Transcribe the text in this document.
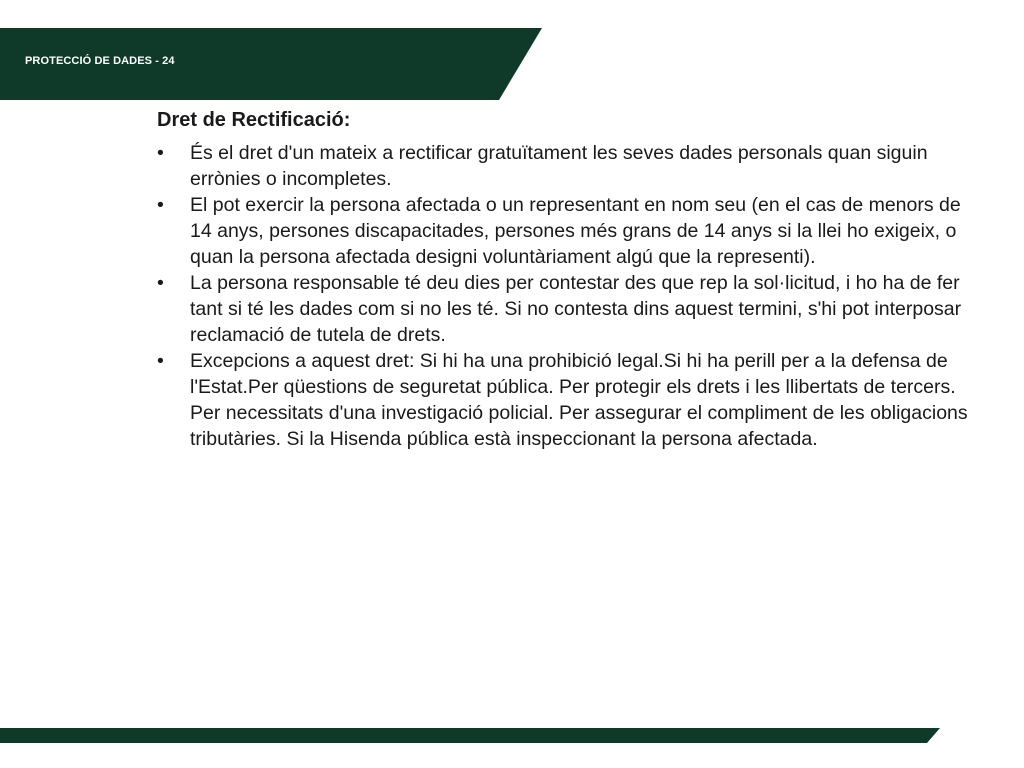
PROTECCIÓ DE DADES - 24
Dret de Rectificació:
• És el dret d'un mateix a rectificar gratuïtament les seves dades personals quan siguin errònies o incompletes.
• El pot exercir la persona afectada o un representant en nom seu (en el cas de menors de 14 anys, persones discapacitades, persones més grans de 14 anys si la llei ho exigeix, o quan la persona afectada designi voluntàriament algú que la representi).
• La persona responsable té deu dies per contestar des que rep la sol·licitud, i ho ha de fer tant si té les dades com si no les té. Si no contesta dins aquest termini, s'hi pot interposar reclamació de tutela de drets.
• Excepcions a aquest dret: Si hi ha una prohibició legal.Si hi ha perill per a la defensa de l'Estat.Per qüestions de seguretat pública. Per protegir els drets i les llibertats de tercers. Per necessitats d'una investigació policial. Per assegurar el compliment de les obligacions tributàries. Si la Hisenda pública està inspeccionant la persona afectada.
